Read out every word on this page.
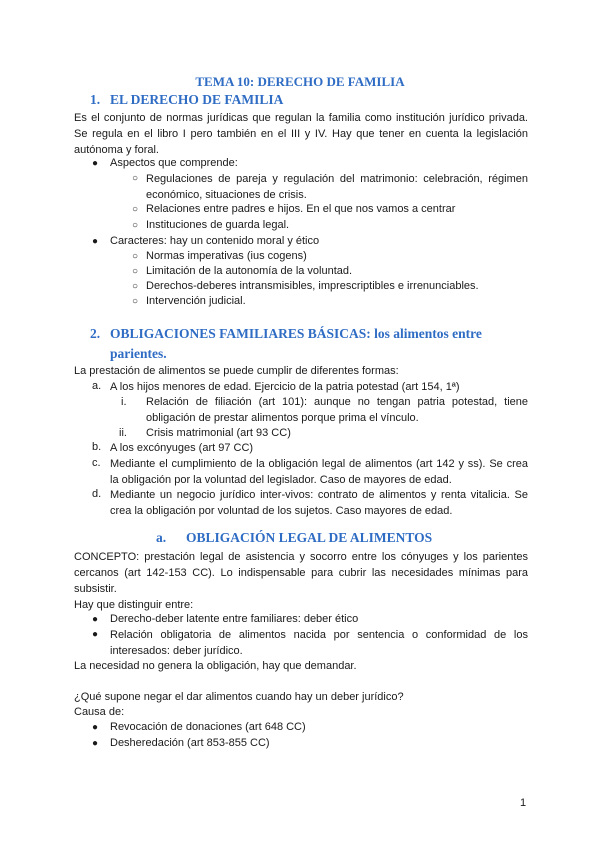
TEMA 10: DERECHO DE FAMILIA
1. EL DERECHO DE FAMILIA
Es el conjunto de normas jurídicas que regulan la familia como institución jurídico privada. Se regula en el libro I pero también en el III y IV. Hay que tener en cuenta la legislación autónoma y foral.
● Aspectos que comprende:
○ Regulaciones de pareja y regulación del matrimonio: celebración, régimen económico, situaciones de crisis.
○ Relaciones entre padres e hijos. En el que nos vamos a centrar
○ Instituciones de guarda legal.
● Caracteres: hay un contenido moral y ético
○ Normas imperativas (ius cogens)
○ Limitación de la autonomía de la voluntad.
○ Derechos-deberes intransmisibles, imprescriptibles e irrenunciables.
○ Intervención judicial.
2. OBLIGACIONES FAMILIARES BÁSICAS: los alimentos entre
parientes.
La prestación de alimentos se puede cumplir de diferentes formas:
a. A los hijos menores de edad. Ejercicio de la patria potestad (art 154, 1ª)
i. Relación de filiación (art 101): aunque no tengan patria potestad, tiene obligación de prestar alimentos porque prima el vínculo.
ii. Crisis matrimonial (art 93 CC)
b. A los excónyuges (art 97 CC)
c. Mediante el cumplimiento de la obligación legal de alimentos (art 142 y ss). Se crea la obligación por la voluntad del legislador. Caso de mayores de edad.
d. Mediante un negocio jurídico inter-vivos: contrato de alimentos y renta vitalicia. Se crea la obligación por voluntad de los sujetos. Caso mayores de edad.
a. OBLIGACIÓN LEGAL DE ALIMENTOS
CONCEPTO: prestación legal de asistencia y socorro entre los cónyuges y los parientes cercanos (art 142-153 CC). Lo indispensable para cubrir las necesidades mínimas para subsistir.
Hay que distinguir entre:
● Derecho-deber latente entre familiares: deber ético
● Relación obligatoria de alimentos nacida por sentencia o conformidad de los interesados: deber jurídico.
La necesidad no genera la obligación, hay que demandar.
¿Qué supone negar el dar alimentos cuando hay un deber jurídico?
Causa de:
● Revocación de donaciones (art 648 CC)
● Desheredación (art 853-855 CC)
1
